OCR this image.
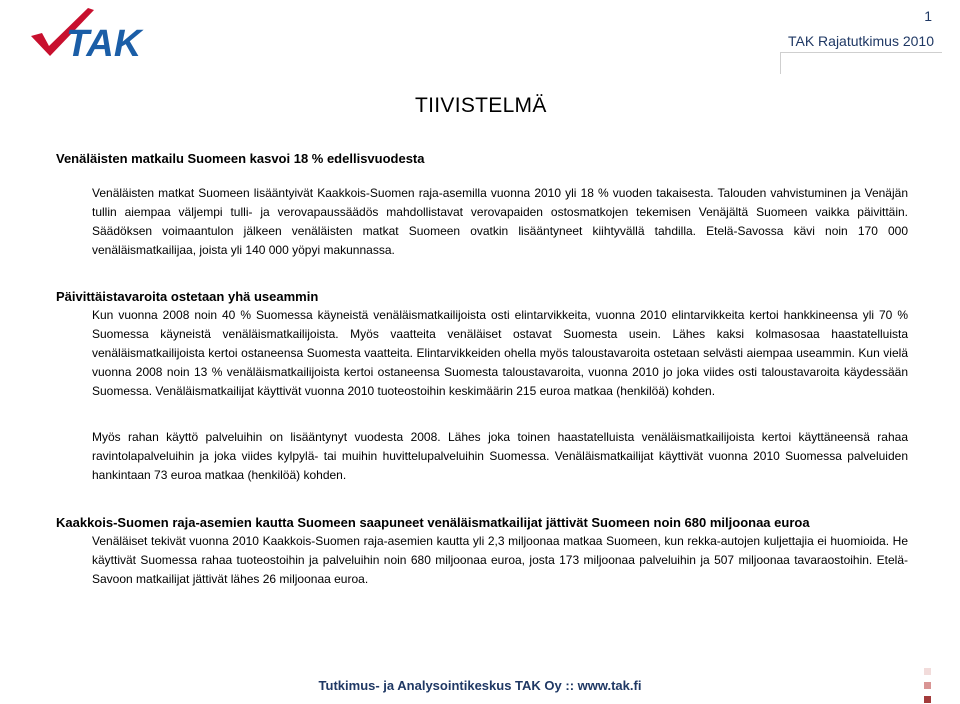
TAK
1
TAK Rajatutkimus 2010
TIIVISTELMÄ
Venäläisten matkailu Suomeen kasvoi 18 % edellisvuodesta

Venäläisten matkat Suomeen lisääntyivät Kaakkois-Suomen raja-asemilla vuonna 2010 yli 18 % vuoden takaisesta. Talouden vahvistuminen ja Venäjän tullin aiempaa väljempi tulli- ja verovapaussäädös mahdollistavat verovapaiden ostosmatkojen tekemisen Venäjältä Suomeen vaikka päivittäin. Säädöksen voimaantulon jälkeen venäläisten matkat Suomeen ovatkin lisääntyneet kiihtyvällä tahdilla. Etelä-Savossa kävi noin 170 000 venäläismatkailijaa, joista yli 140 000 yöpyi makunnassa.

Päivittäistavaroita ostetaan yhä useammin

Kun vuonna 2008 noin 40 % Suomessa käyneistä venäläismatkailijoista osti elintarvikkeita, vuonna 2010 elintarvikkeita kertoi hankkineensa yli 70 % Suomessa käyneistä venäläismatkailijoista. Myös vaatteita venäläiset ostavat Suomesta usein. Lähes kaksi kolmasosaa haastatelluista venäläismatkailijoista kertoi ostaneensa Suomesta vaatteita. Elintarvikkeiden ohella myös taloustavaroita ostetaan selvästi aiempaa useammin. Kun vielä vuonna 2008 noin 13 % venäläismatkailijoista kertoi ostaneensa Suomesta taloustavaroita, vuonna 2010 jo joka viides osti taloustavaroita käydessään Suomessa. Venäläismatkailijat käyttivät vuonna 2010 tuoteostoihin keskimäärin 215 euroa matkaa (henkilöä) kohden.

Myös rahan käyttö palveluihin on lisääntynyt vuodesta 2008. Lähes joka toinen haastatelluista venäläismatkailijoista kertoi käyttäneensä rahaa ravintolapalveluihin ja joka viides kylpylä- tai muihin huvittelupalveluihin Suomessa. Venäläismatkailijat käyttivät vuonna 2010 Suomessa palveluiden hankintaan 73 euroa matkaa (henkilöä) kohden.

Kaakkois-Suomen raja-asemien kautta Suomeen saapuneet venäläismatkailijat jättivät Suomeen noin 680 miljoonaa euroa

Venäläiset tekivät vuonna 2010 Kaakkois-Suomen raja-asemien kautta yli 2,3 miljoonaa matkaa Suomeen, kun rekka-autojen kuljettajia ei huomioida. He käyttivät Suomessa rahaa tuoteostoihin ja palveluihin noin 680 miljoonaa euroa, josta 173 miljoonaa palveluihin ja 507 miljoonaa tavaraostoihin. Etelä-Savoon matkailijat jättivät lähes 26 miljoonaa euroa.

Tutkimus- ja Analysointikeskus TAK Oy :: www.tak.fi
